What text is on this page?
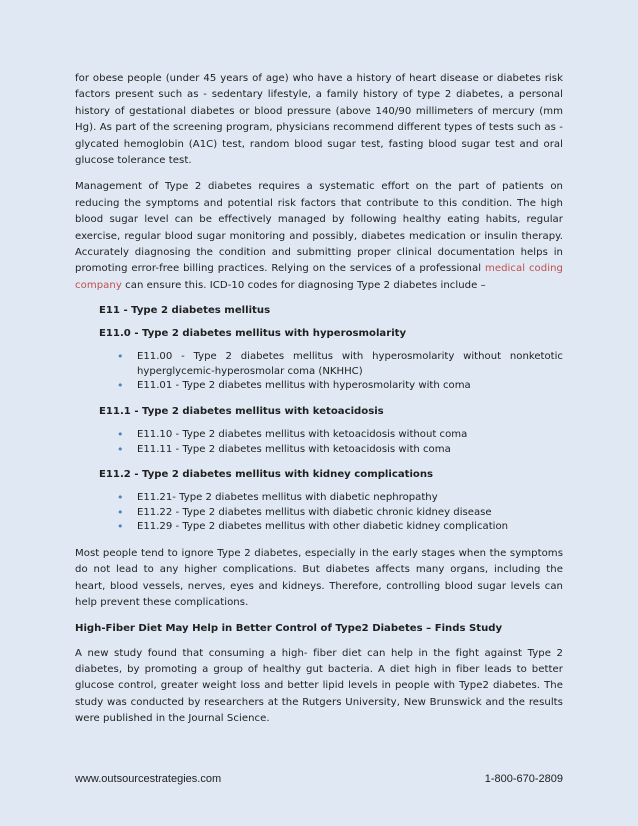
for obese people (under 45 years of age) who have a history of heart disease or diabetes risk factors present such as - sedentary lifestyle, a family history of type 2 diabetes, a personal history of gestational diabetes or blood pressure (above 140/90 millimeters of mercury (mm Hg). As part of the screening program, physicians recommend different types of tests such as - glycated hemoglobin (A1C) test, random blood sugar test, fasting blood sugar test and oral glucose tolerance test.

Management of Type 2 diabetes requires a systematic effort on the part of patients on reducing the symptoms and potential risk factors that contribute to this condition. The high blood sugar level can be effectively managed by following healthy eating habits, regular exercise, regular blood sugar monitoring and possibly, diabetes medication or insulin therapy. Accurately diagnosing the condition and submitting proper clinical documentation helps in promoting error-free billing practices. Relying on the services of a professional medical coding company can ensure this. ICD-10 codes for diagnosing Type 2 diabetes include –

E11 - Type 2 diabetes mellitus
E11.0 - Type 2 diabetes mellitus with hyperosmolarity
• E11.00 - Type 2 diabetes mellitus with hyperosmolarity without nonketotic hyperglycemic-hyperosmolar coma (NKHHC)
• E11.01 - Type 2 diabetes mellitus with hyperosmolarity with coma
E11.1 - Type 2 diabetes mellitus with ketoacidosis
• E11.10 - Type 2 diabetes mellitus with ketoacidosis without coma
• E11.11 - Type 2 diabetes mellitus with ketoacidosis with coma
E11.2 - Type 2 diabetes mellitus with kidney complications
• E11.21- Type 2 diabetes mellitus with diabetic nephropathy
• E11.22 - Type 2 diabetes mellitus with diabetic chronic kidney disease
• E11.29 - Type 2 diabetes mellitus with other diabetic kidney complication

Most people tend to ignore Type 2 diabetes, especially in the early stages when the symptoms do not lead to any higher complications. But diabetes affects many organs, including the heart, blood vessels, nerves, eyes and kidneys. Therefore, controlling blood sugar levels can help prevent these complications.

High-Fiber Diet May Help in Better Control of Type2 Diabetes – Finds Study

A new study found that consuming a high- fiber diet can help in the fight against Type 2 diabetes, by promoting a group of healthy gut bacteria. A diet high in fiber leads to better glucose control, greater weight loss and better lipid levels in people with Type2 diabetes. The study was conducted by researchers at the Rutgers University, New Brunswick and the results were published in the Journal Science.

www.outsourcestrategies.com	1-800-670-2809
